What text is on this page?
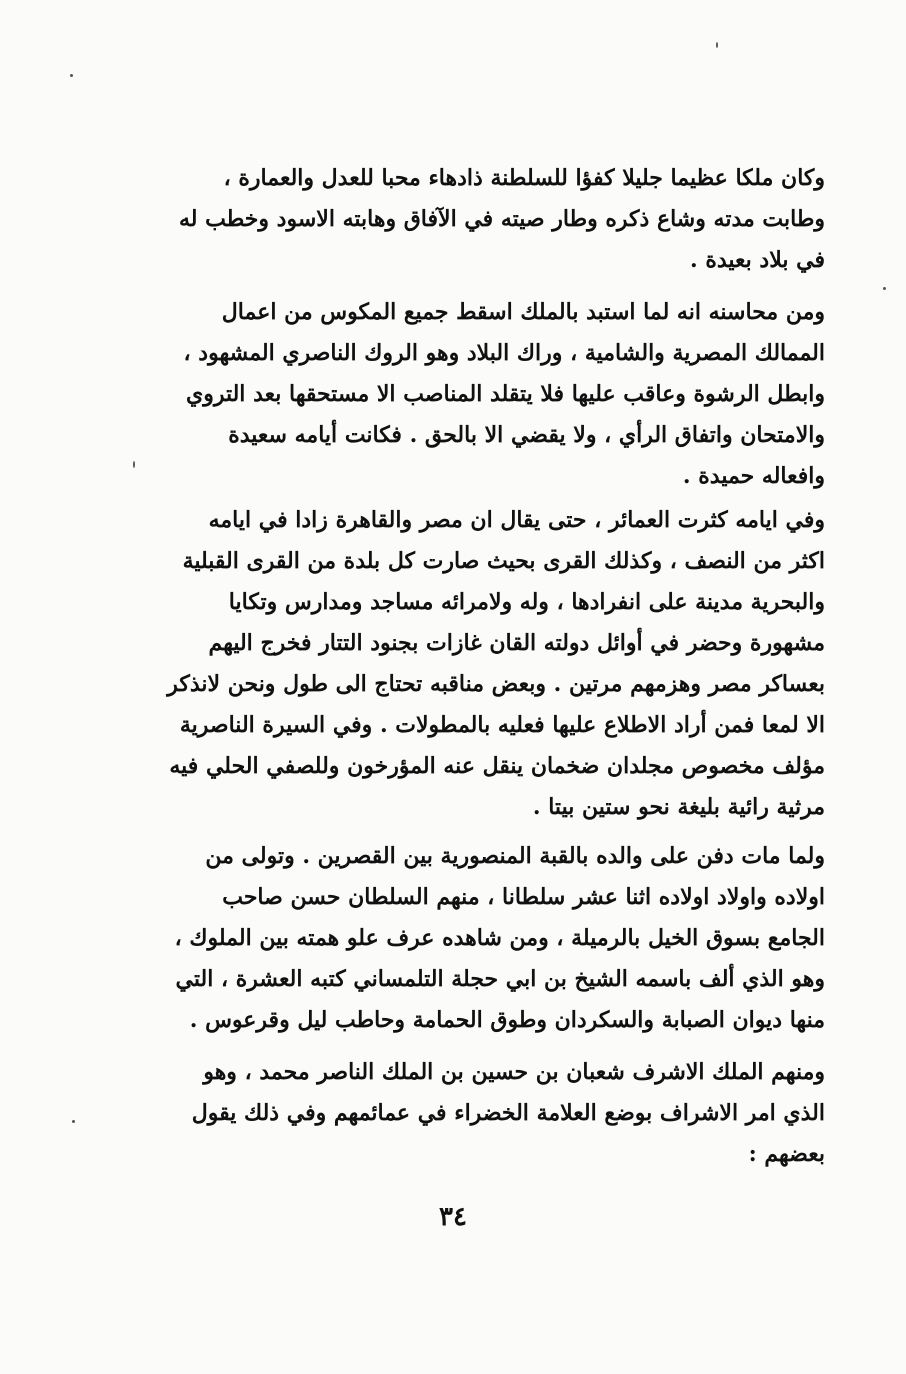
وكان ملكا عظيما جليلا كفؤا للسلطنة ذادهاء محبا للعدل والعمارة ،
وطابت مدته وشاع ذكره وطار صيته في الآفاق وهابته الاسود وخطب له
في بلاد بعيدة .
ومن محاسنه انه لما استبد بالملك اسقط جميع المكوس من اعمال
الممالك المصرية والشامية ، وراك البلاد وهو الروك الناصري المشهود ،
وابطل الرشوة وعاقب عليها فلا يتقلد المناصب الا مستحقها بعد التروي
والامتحان واتفاق الرأي ، ولا يقضي الا بالحق . فكانت أيامه سعيدة
وافعاله حميدة .
وفي ايامه كثرت العمائر ، حتى يقال ان مصر والقاهرة زادا في ايامه
اكثر من النصف ، وكذلك القرى بحيث صارت كل بلدة من القرى القبلية
والبحرية مدينة على انفرادها ، وله ولامرائه مساجد ومدارس وتكايا
مشهورة وحضر في أوائل دولته القان غازات بجنود التتار فخرج اليهم
بعساكر مصر وهزمهم مرتين . وبعض مناقبه تحتاج الى طول ونحن لانذكر
الا لمعا فمن أراد الاطلاع عليها فعليه بالمطولات . وفي السيرة الناصرية
مؤلف مخصوص مجلدان ضخمان ينقل عنه المؤرخون وللصفي الحلي فيه
مرثية رائية بليغة نحو ستين بيتا .
ولما مات دفن على والده بالقبة المنصورية بين القصرين . وتولى من
اولاده واولاد اولاده اثنا عشر سلطانا ، منهم السلطان حسن صاحب
الجامع بسوق الخيل بالرميلة ، ومن شاهده عرف علو همته بين الملوك ،
وهو الذي ألف باسمه الشيخ بن ابي حجلة التلمساني كتبه العشرة ، التي
منها ديوان الصبابة والسكردان وطوق الحمامة وحاطب ليل وقرعوس .
ومنهم الملك الاشرف شعبان بن حسين بن الملك الناصر محمد ، وهو
الذي امر الاشراف بوضع العلامة الخضراء في عمائمهم وفي ذلك يقول
بعضهم :
٣٤
